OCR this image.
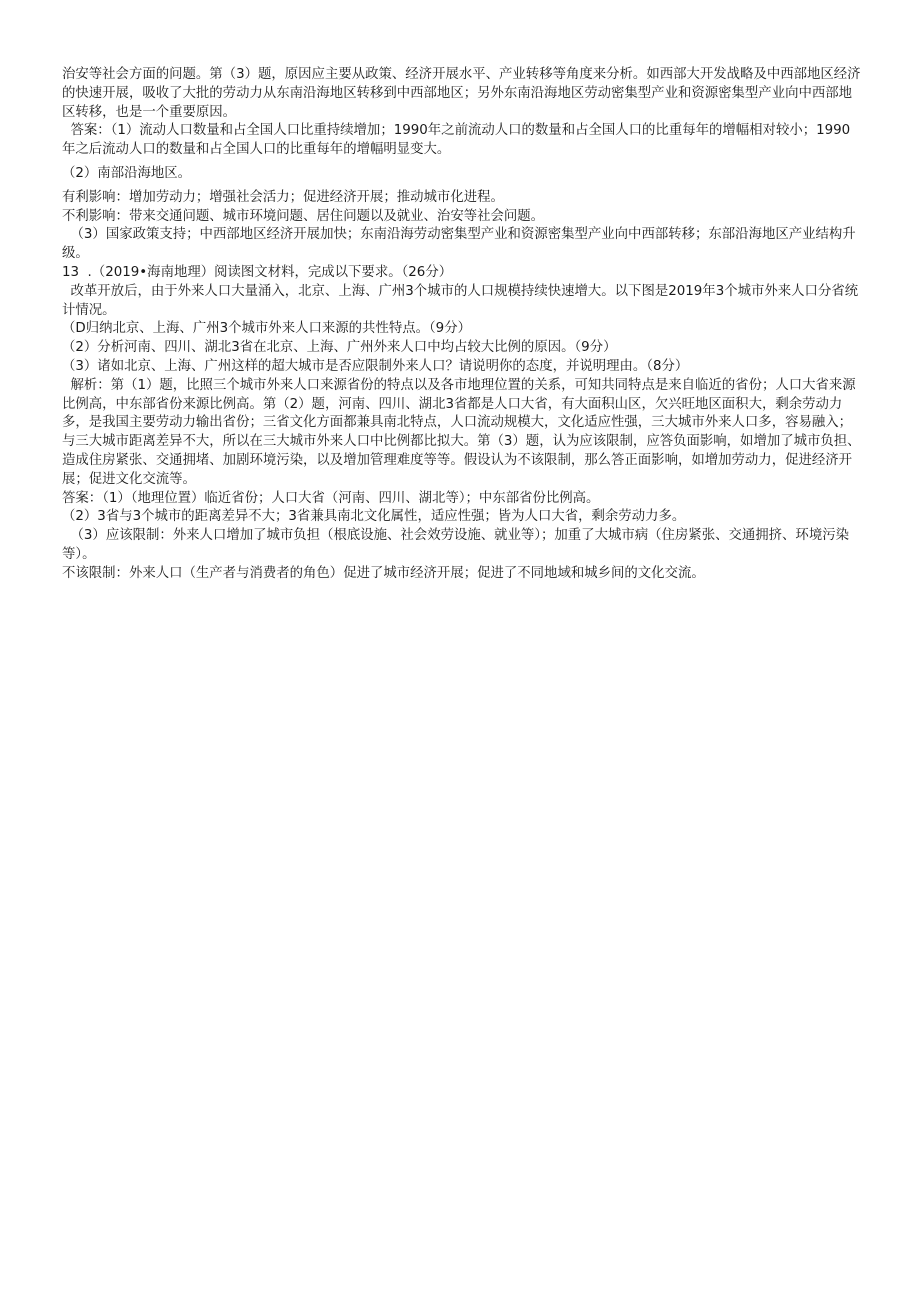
治安等社会方面的问题。第（3）题，原因应主要从政策、经济开展水平、产业转移等角度来分析。如西部大开发战略及中西部地区经济的快速开展，吸收了大批的劳动力从东南沿海地区转移到中西部地区；另外东南沿海地区劳动密集型产业和资源密集型产业向中西部地区转移，也是一个重要原因。

答案：（1）流动人口数量和占全国人口比重持续增加；1990年之前流动人口的数量和占全国人口的比重每年的增幅相对较小；1990年之后流动人口的数量和占全国人口的比重每年的增幅明显变大。

（2）南部沿海地区。

有利影响：增加劳动力；增强社会活力；促进经济开展；推动城市化进程。

不利影响：带来交通问题、城市环境问题、居住问题以及就业、治安等社会问题。

（3）国家政策支持；中西部地区经济开展加快；东南沿海劳动密集型产业和资源密集型产业向中西部转移；东部沿海地区产业结构升级。

13  .（2019•海南地理）阅读图文材料，完成以下要求。（26分）

改革开放后，由于外来人口大量涌入，北京、上海、广州3个城市的人口规模持续快速增大。以下图是2019年3个城市外来人口分省统计情况。

（D归纳北京、上海、广州3个城市外来人口来源的共性特点。（9分）

（2）分析河南、四川、湖北3省在北京、上海、广州外来人口中均占较大比例的原因。（9分）

（3）诸如北京、上海、广州这样的超大城市是否应限制外来人口？请说明你的态度，并说明理由。（8分）

解析：第（1）题，比照三个城市外来人口来源省份的特点以及各市地理位置的关系，可知共同特点是来自临近的省份；人口大省来源比例高，中东部省份来源比例高。第（2）题，河南、四川、湖北3省都是人口大省，有大面积山区，欠兴旺地区面积大，剩余劳动力多，是我国主要劳动力输出省份；三省文化方面都兼具南北特点，人口流动规模大，文化适应性强，三大城市外来人口多，容易融入；与三大城市距离差异不大，所以在三大城市外来人口中比例都比拟大。第（3）题，认为应该限制，应答负面影响，如增加了城市负担、造成住房紧张、交通拥堵、加剧环境污染，以及增加管理难度等等。假设认为不该限制，那么答正面影响，如增加劳动力，促进经济开展；促进文化交流等。

答案：（1）（地理位置）临近省份；人口大省（河南、四川、湖北等）；中东部省份比例高。

（2）3省与3个城市的距离差异不大；3省兼具南北文化属性，适应性强；皆为人口大省，剩余劳动力多。

（3）应该限制：外来人口增加了城市负担（根底设施、社会效劳设施、就业等）；加重了大城市病（住房紧张、交通拥挤、环境污染等）。

不该限制：外来人口（生产者与消费者的角色）促进了城市经济开展；促进了不同地域和城乡间的文化交流。
